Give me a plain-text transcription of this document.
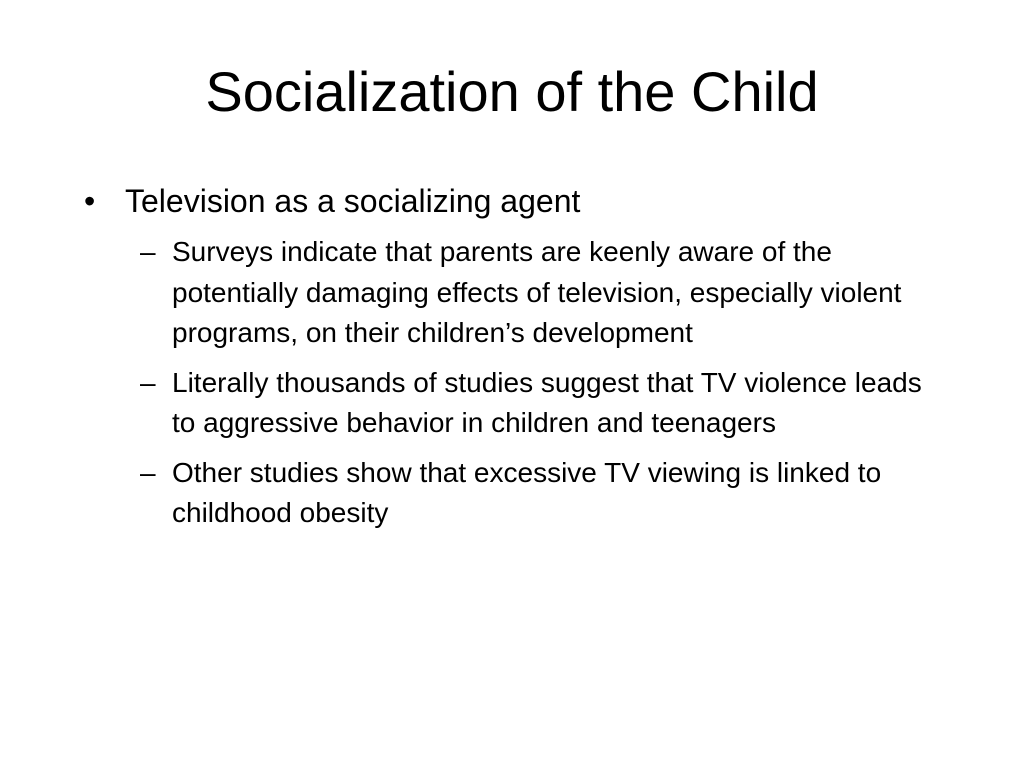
Socialization of the Child
• Television as a socializing agent
– Surveys indicate that parents are keenly aware of the potentially damaging effects of television, especially violent programs, on their children’s development
– Literally thousands of studies suggest that TV violence leads to aggressive behavior in children and teenagers
– Other studies show that excessive TV viewing is linked to childhood obesity
